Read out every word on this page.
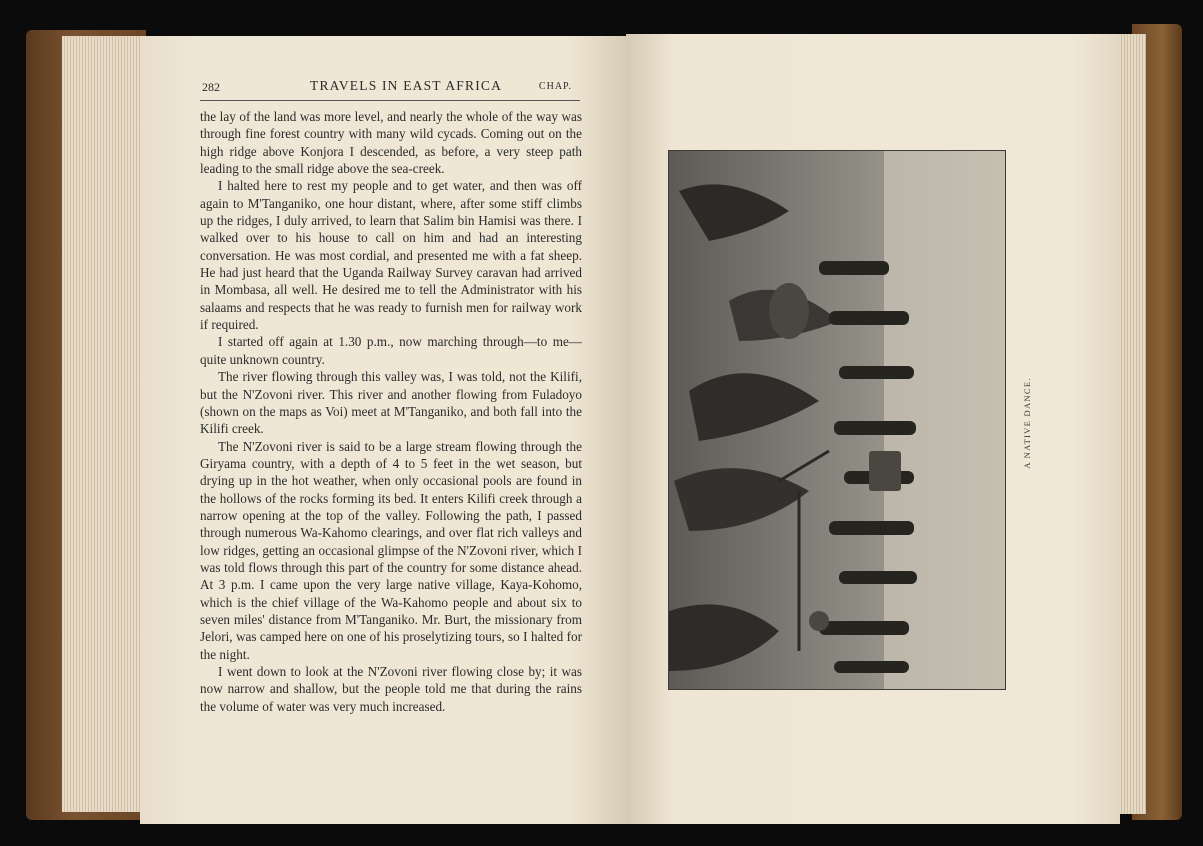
282	TRAVELS IN EAST AFRICA	CHAP.

the lay of the land was more level, and nearly the whole of the way was through fine forest country with many wild cycads. Coming out on the high ridge above Konjora I descended, as before, a very steep path leading to the small ridge above the sea-creek.

I halted here to rest my people and to get water, and then was off again to M'Tanganiko, one hour distant, where, after some stiff climbs up the ridges, I duly arrived, to learn that Salim bin Hamisi was there. I walked over to his house to call on him and had an interesting conversation. He was most cordial, and presented me with a fat sheep. He had just heard that the Uganda Railway Survey caravan had arrived in Mombasa, all well. He desired me to tell the Administrator with his salaams and respects that he was ready to furnish men for railway work if required.

I started off again at 1.30 p.m., now marching through—to me—quite unknown country.

The river flowing through this valley was, I was told, not the Kilifi, but the N'Zovoni river. This river and another flowing from Fuladoyo (shown on the maps as Voi) meet at M'Tanganiko, and both fall into the Kilifi creek.

The N'Zovoni river is said to be a large stream flowing through the Giryama country, with a depth of 4 to 5 feet in the wet season, but drying up in the hot weather, when only occasional pools are found in the hollows of the rocks forming its bed. It enters Kilifi creek through a narrow opening at the top of the valley. Following the path, I passed through numerous Wa-Kahomo clearings, and over flat rich valleys and low ridges, getting an occasional glimpse of the N'Zovoni river, which I was told flows through this part of the country for some distance ahead. At 3 p.m. I came upon the very large native village, Kaya-Kohomo, which is the chief village of the Wa-Kahomo people and about six to seven miles' distance from M'Tanganiko. Mr. Burt, the missionary from Jelori, was camped here on one of his proselytizing tours, so I halted for the night.

I went down to look at the N'Zovoni river flowing close by; it was now narrow and shallow, but the people told me that during the rains the volume of water was very much increased.

A NATIVE DANCE.
